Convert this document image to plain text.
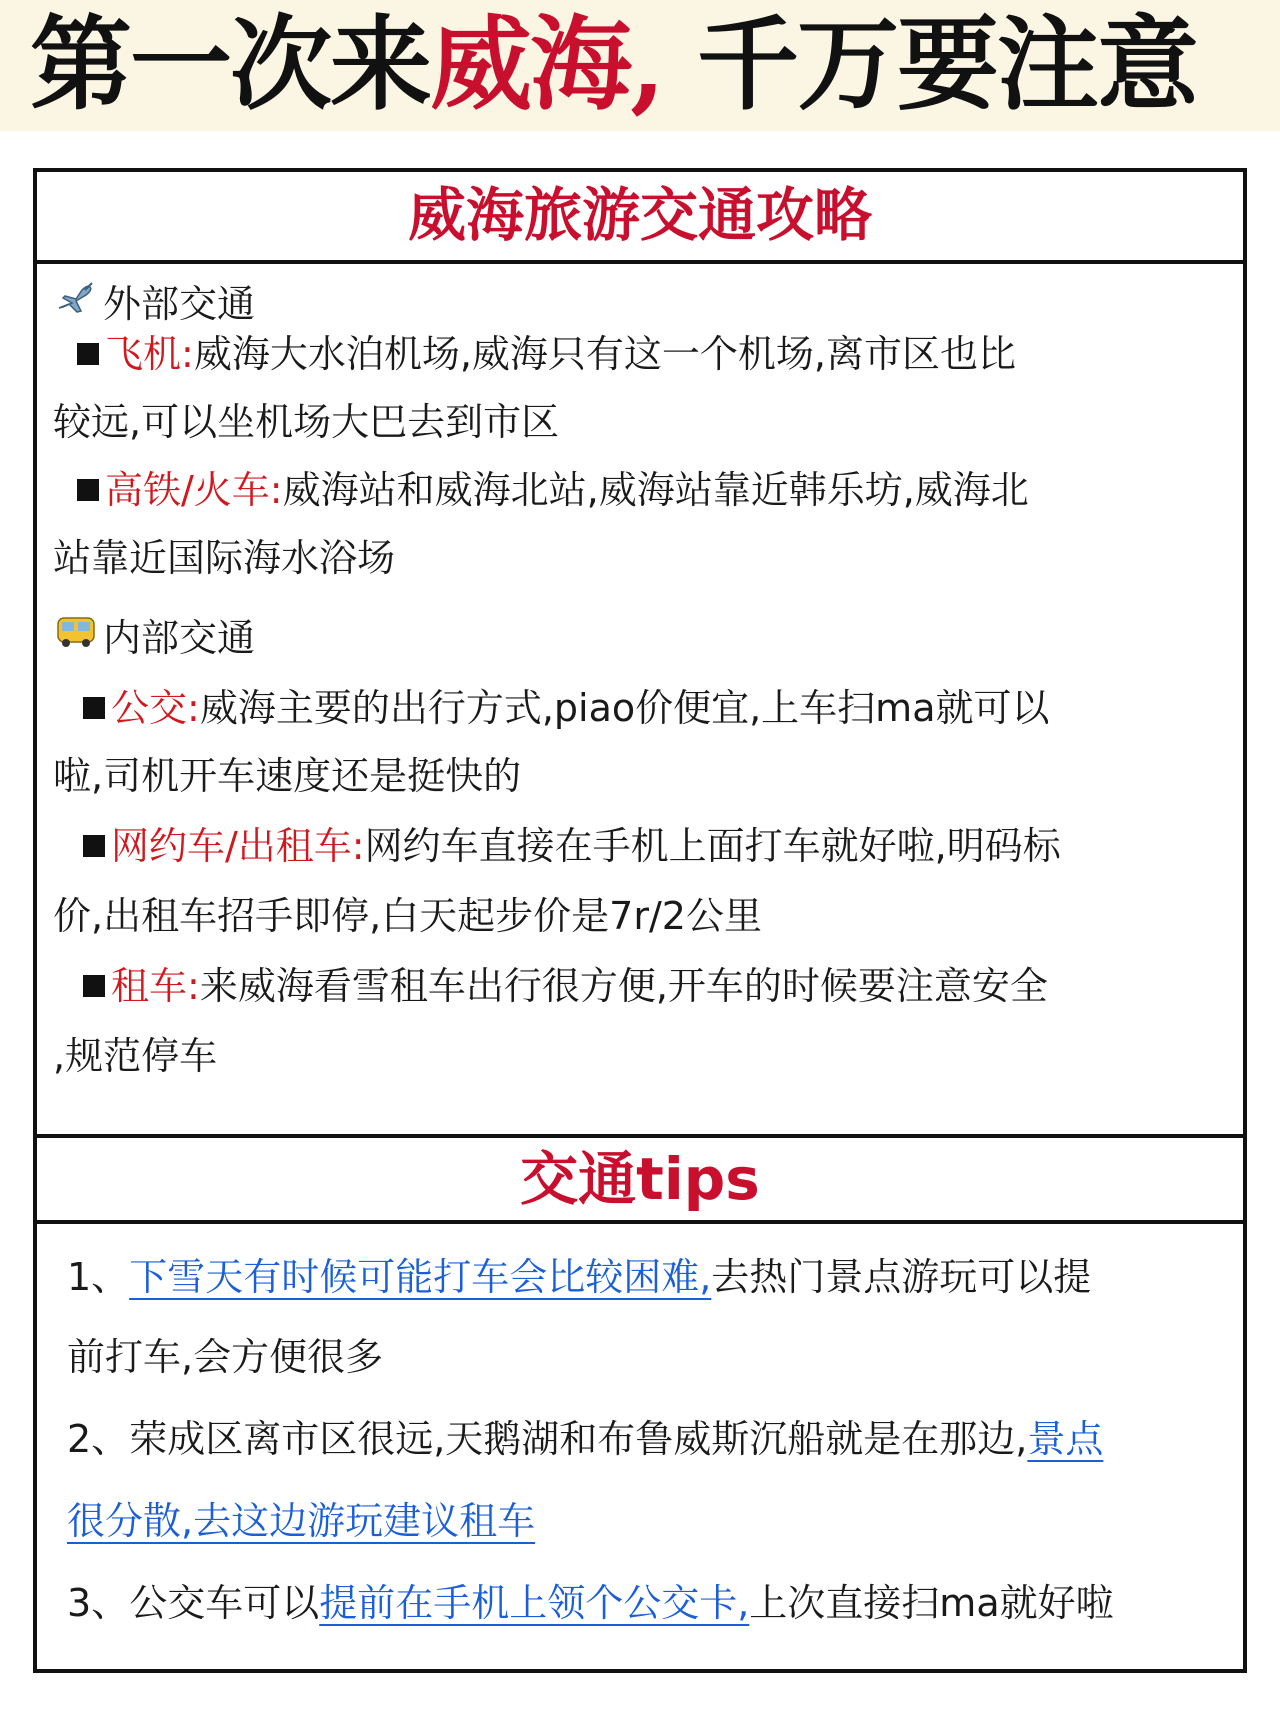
第一次来威海, 千万要注意
威海旅游交通攻略
外部交通
飞机:威海大水泊机场,威海只有这一个机场,离市区也比
较远,可以坐机场大巴去到市区
高铁/火车:威海站和威海北站,威海站靠近韩乐坊,威海北
站靠近国际海水浴场
内部交通
公交:威海主要的出行方式,piao价便宜,上车扫ma就可以
啦,司机开车速度还是挺快的
网约车/出租车:网约车直接在手机上面打车就好啦,明码标
价,出租车招手即停,白天起步价是7r/2公里
租车:来威海看雪租车出行很方便,开车的时候要注意安全
,规范停车
交通tips
1、下雪天有时候可能打车会比较困难,去热门景点游玩可以提
前打车,会方便很多
2、荣成区离市区很远,天鹅湖和布鲁威斯沉船就是在那边,景点
很分散,去这边游玩建议租车
3、公交车可以提前在手机上领个公交卡,上次直接扫ma就好啦
